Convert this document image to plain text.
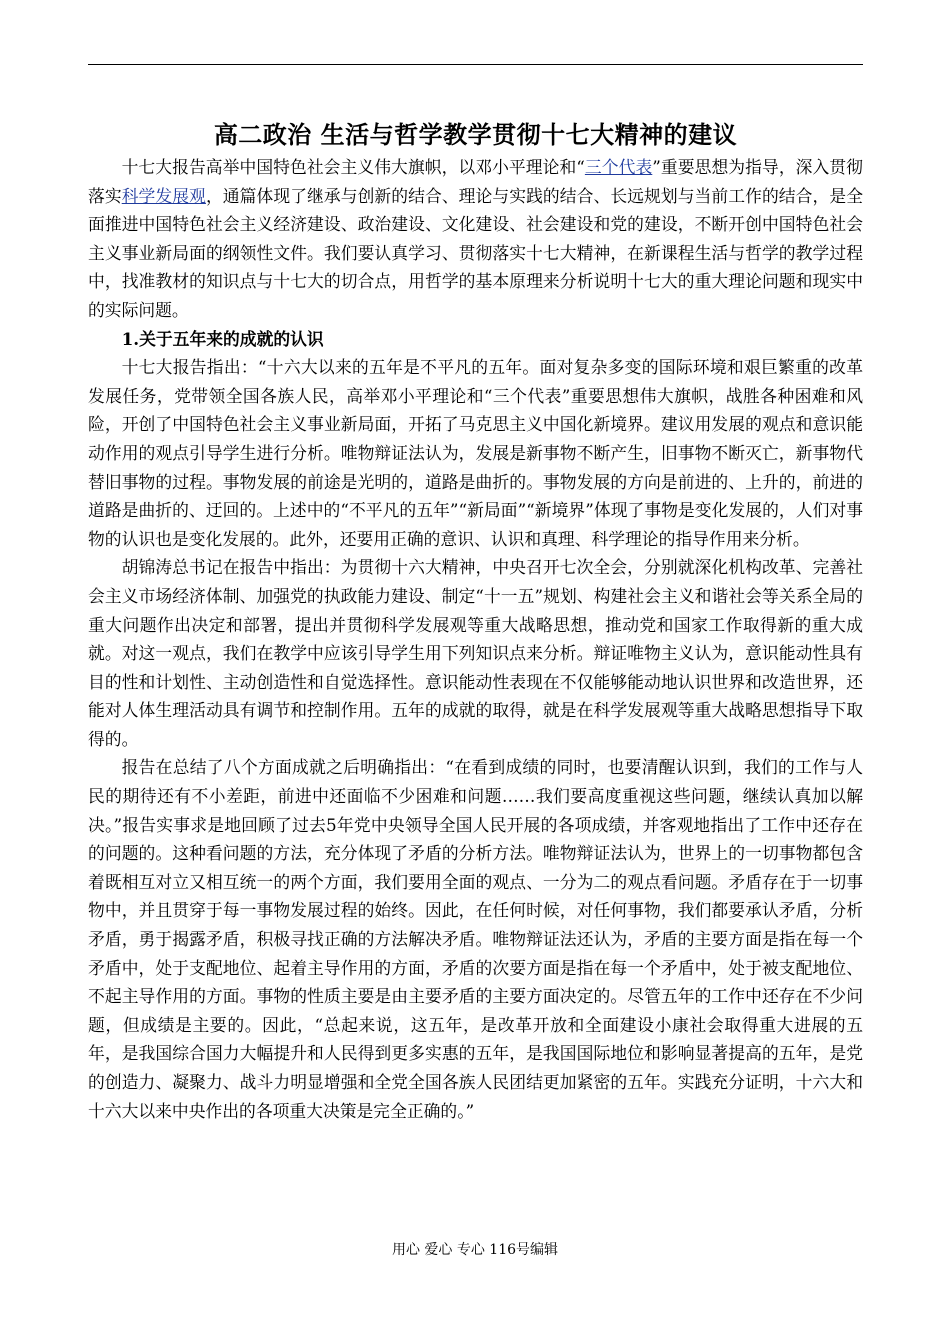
高二政治 生活与哲学教学贯彻十七大精神的建议

十七大报告高举中国特色社会主义伟大旗帜，以邓小平理论和“三个代表”重要思想为指导，深入贯彻落实科学发展观，通篇体现了继承与创新的结合、理论与实践的结合、长远规划与当前工作的结合，是全面推进中国特色社会主义经济建设、政治建设、文化建设、社会建设和党的建设，不断开创中国特色社会主义事业新局面的纲领性文件。我们要认真学习、贯彻落实十七大精神，在新课程生活与哲学的教学过程中，找准教材的知识点与十七大的切合点，用哲学的基本原理来分析说明十七大的重大理论问题和现实中的实际问题。

1.关于五年来的成就的认识

十七大报告指出：“十六大以来的五年是不平凡的五年。面对复杂多变的国际环境和艰巨繁重的改革发展任务，党带领全国各族人民，高举邓小平理论和“三个代表”重要思想伟大旗帜，战胜各种困难和风险，开创了中国特色社会主义事业新局面，开拓了马克思主义中国化新境界。建议用发展的观点和意识能动作用的观点引导学生进行分析。唯物辩证法认为，发展是新事物不断产生，旧事物不断灭亡，新事物代替旧事物的过程。事物发展的前途是光明的，道路是曲折的。事物发展的方向是前进的、上升的，前进的道路是曲折的、迂回的。上述中的“不平凡的五年”“新局面”“新境界”体现了事物是变化发展的，人们对事物的认识也是变化发展的。此外，还要用正确的意识、认识和真理、科学理论的指导作用来分析。

胡锦涛总书记在报告中指出：为贯彻十六大精神，中央召开七次全会，分别就深化机构改革、完善社会主义市场经济体制、加强党的执政能力建设、制定“十一五”规划、构建社会主义和谐社会等关系全局的重大问题作出决定和部署，提出并贯彻科学发展观等重大战略思想，推动党和国家工作取得新的重大成就。对这一观点，我们在教学中应该引导学生用下列知识点来分析。辩证唯物主义认为，意识能动性具有目的性和计划性、主动创造性和自觉选择性。意识能动性表现在不仅能够能动地认识世界和改造世界，还能对人体生理活动具有调节和控制作用。五年的成就的取得，就是在科学发展观等重大战略思想指导下取得的。

报告在总结了八个方面成就之后明确指出：“在看到成绩的同时，也要清醒认识到，我们的工作与人民的期待还有不小差距，前进中还面临不少困难和问题……我们要高度重视这些问题，继续认真加以解决。”报告实事求是地回顾了过去5年党中央领导全国人民开展的各项成绩，并客观地指出了工作中还存在的问题的。这种看问题的方法，充分体现了矛盾的分析方法。唯物辩证法认为，世界上的一切事物都包含着既相互对立又相互统一的两个方面，我们要用全面的观点、一分为二的观点看问题。矛盾存在于一切事物中，并且贯穿于每一事物发展过程的始终。因此，在任何时候，对任何事物，我们都要承认矛盾，分析矛盾，勇于揭露矛盾，积极寻找正确的方法解决矛盾。唯物辩证法还认为，矛盾的主要方面是指在每一个矛盾中，处于支配地位、起着主导作用的方面，矛盾的次要方面是指在每一个矛盾中，处于被支配地位、不起主导作用的方面。事物的性质主要是由主要矛盾的主要方面决定的。尽管五年的工作中还存在不少问题，但成绩是主要的。因此，“总起来说，这五年，是改革开放和全面建设小康社会取得重大进展的五年，是我国综合国力大幅提升和人民得到更多实惠的五年，是我国国际地位和影响显著提高的五年，是党的创造力、凝聚力、战斗力明显增强和全党全国各族人民团结更加紧密的五年。实践充分证明，十六大和十六大以来中央作出的各项重大决策是完全正确的。”

用心 爱心 专心 116号编辑
